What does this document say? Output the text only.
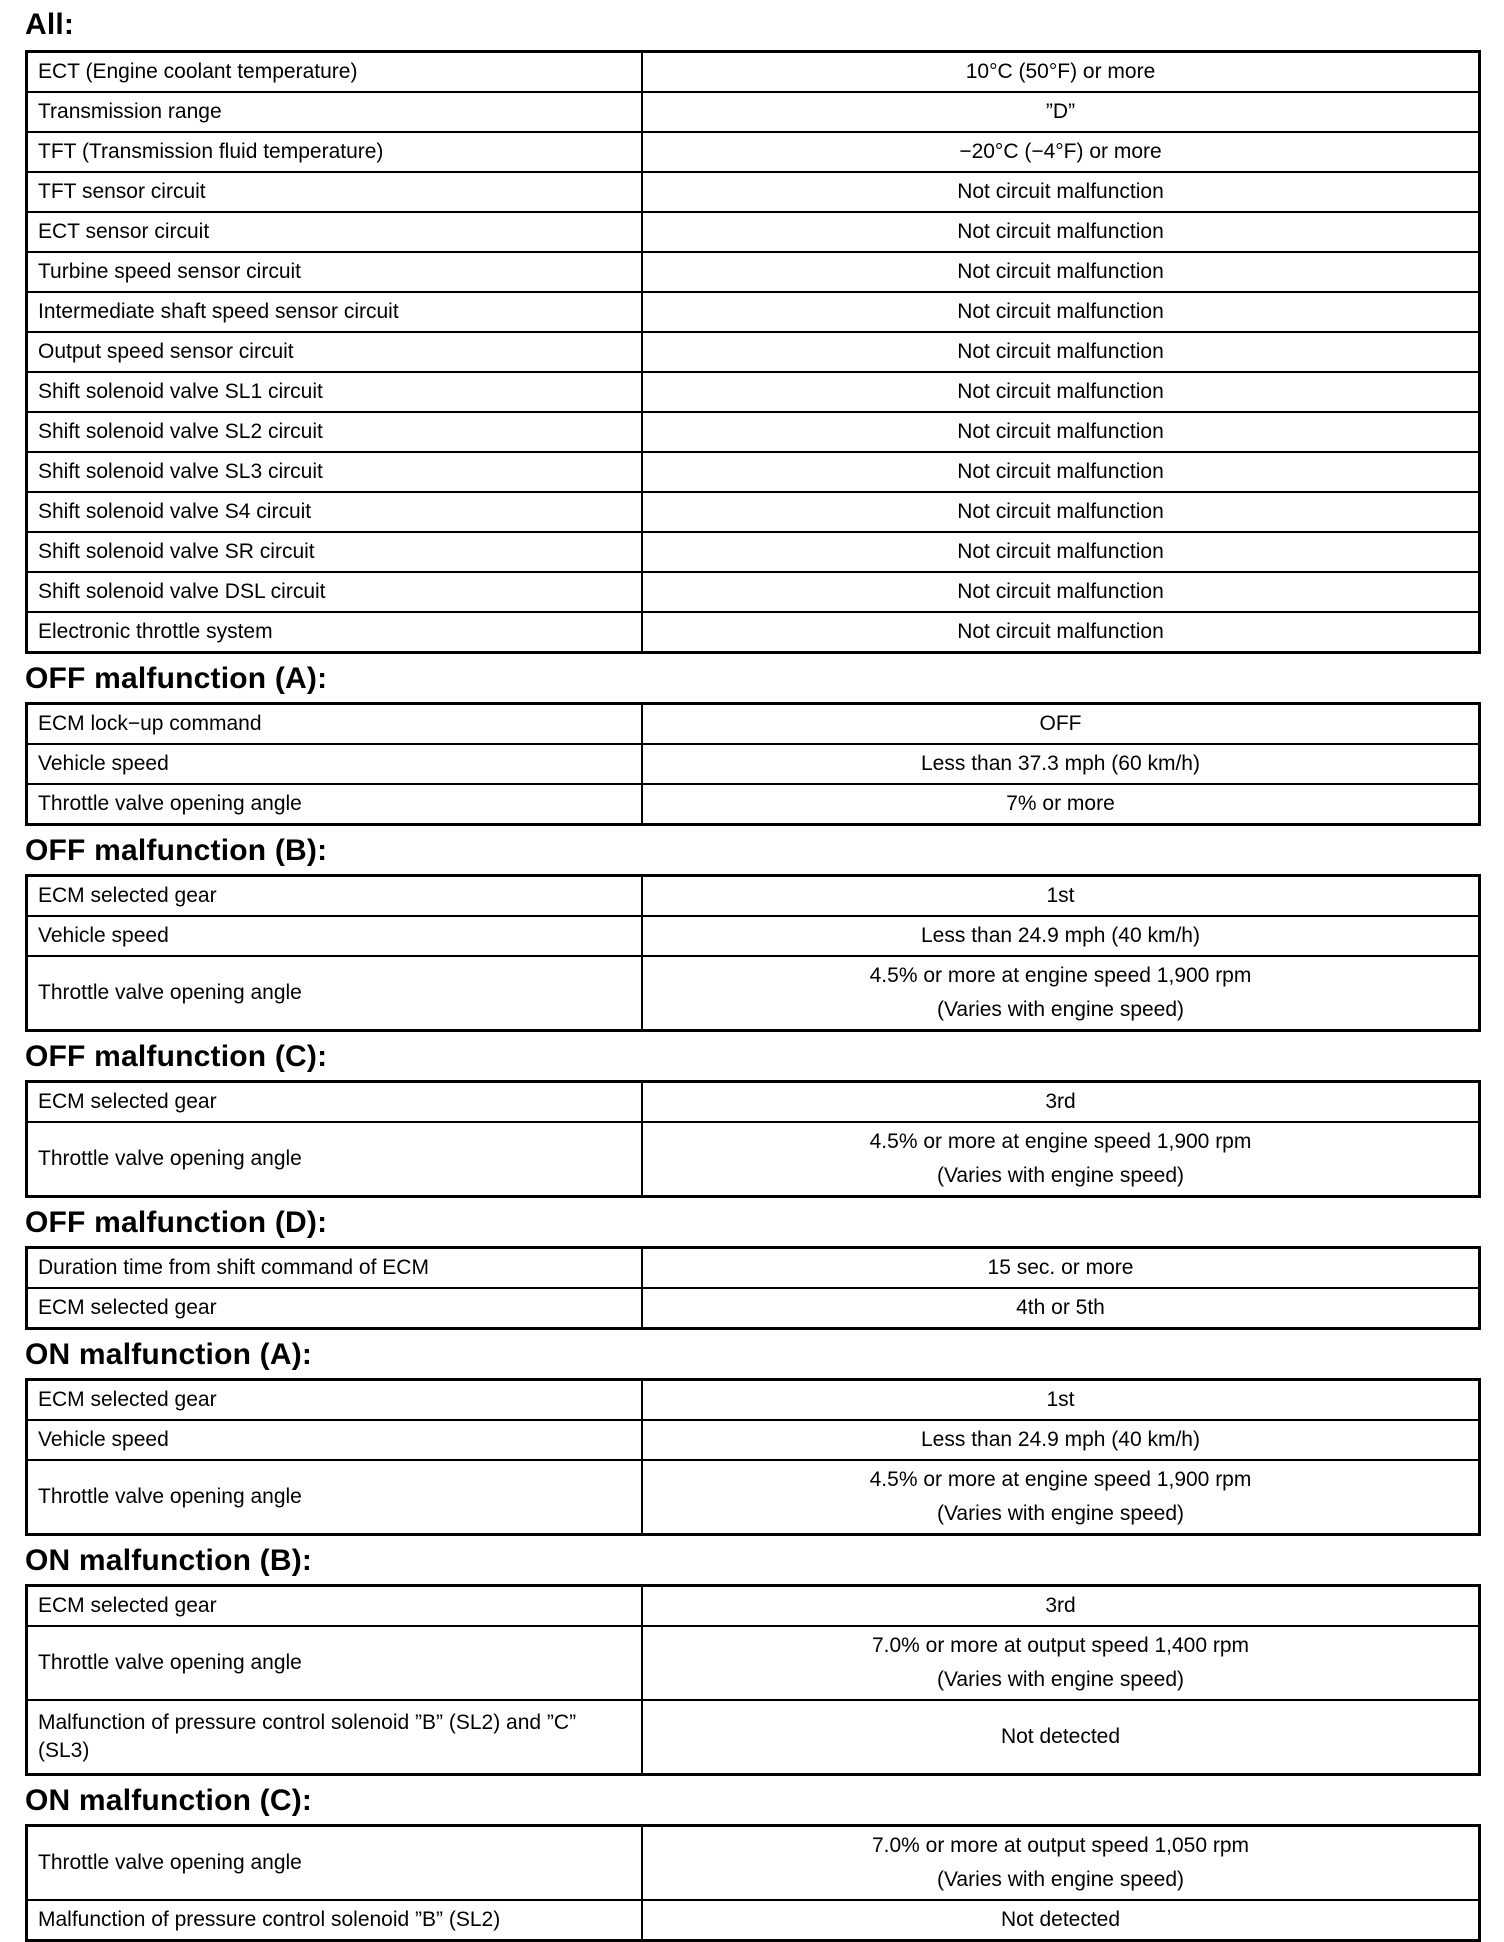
All:
ECT (Engine coolant temperature)	10°C (50°F) or more
Transmission range	”D”
TFT (Transmission fluid temperature)	−20°C (−4°F) or more
TFT sensor circuit	Not circuit malfunction
ECT sensor circuit	Not circuit malfunction
Turbine speed sensor circuit	Not circuit malfunction
Intermediate shaft speed sensor circuit	Not circuit malfunction
Output speed sensor circuit	Not circuit malfunction
Shift solenoid valve SL1 circuit	Not circuit malfunction
Shift solenoid valve SL2 circuit	Not circuit malfunction
Shift solenoid valve SL3 circuit	Not circuit malfunction
Shift solenoid valve S4 circuit	Not circuit malfunction
Shift solenoid valve SR circuit	Not circuit malfunction
Shift solenoid valve DSL circuit	Not circuit malfunction
Electronic throttle system	Not circuit malfunction
OFF malfunction (A):
ECM lock−up command	OFF
Vehicle speed	Less than 37.3 mph (60 km/h)
Throttle valve opening angle	7% or more
OFF malfunction (B):
ECM selected gear	1st
Vehicle speed	Less than 24.9 mph (40 km/h)
Throttle valve opening angle	4.5% or more at engine speed 1,900 rpm
(Varies with engine speed)
OFF malfunction (C):
ECM selected gear	3rd
Throttle valve opening angle	4.5% or more at engine speed 1,900 rpm
(Varies with engine speed)
OFF malfunction (D):
Duration time from shift command of ECM	15 sec. or more
ECM selected gear	4th or 5th
ON malfunction (A):
ECM selected gear	1st
Vehicle speed	Less than 24.9 mph (40 km/h)
Throttle valve opening angle	4.5% or more at engine speed 1,900 rpm
(Varies with engine speed)
ON malfunction (B):
ECM selected gear	3rd
Throttle valve opening angle	7.0% or more at output speed 1,400 rpm
(Varies with engine speed)
Malfunction of pressure control solenoid ”B” (SL2) and ”C”
(SL3)	Not detected
ON malfunction (C):
Throttle valve opening angle	7.0% or more at output speed 1,050 rpm
(Varies with engine speed)
Malfunction of pressure control solenoid ”B” (SL2)	Not detected
